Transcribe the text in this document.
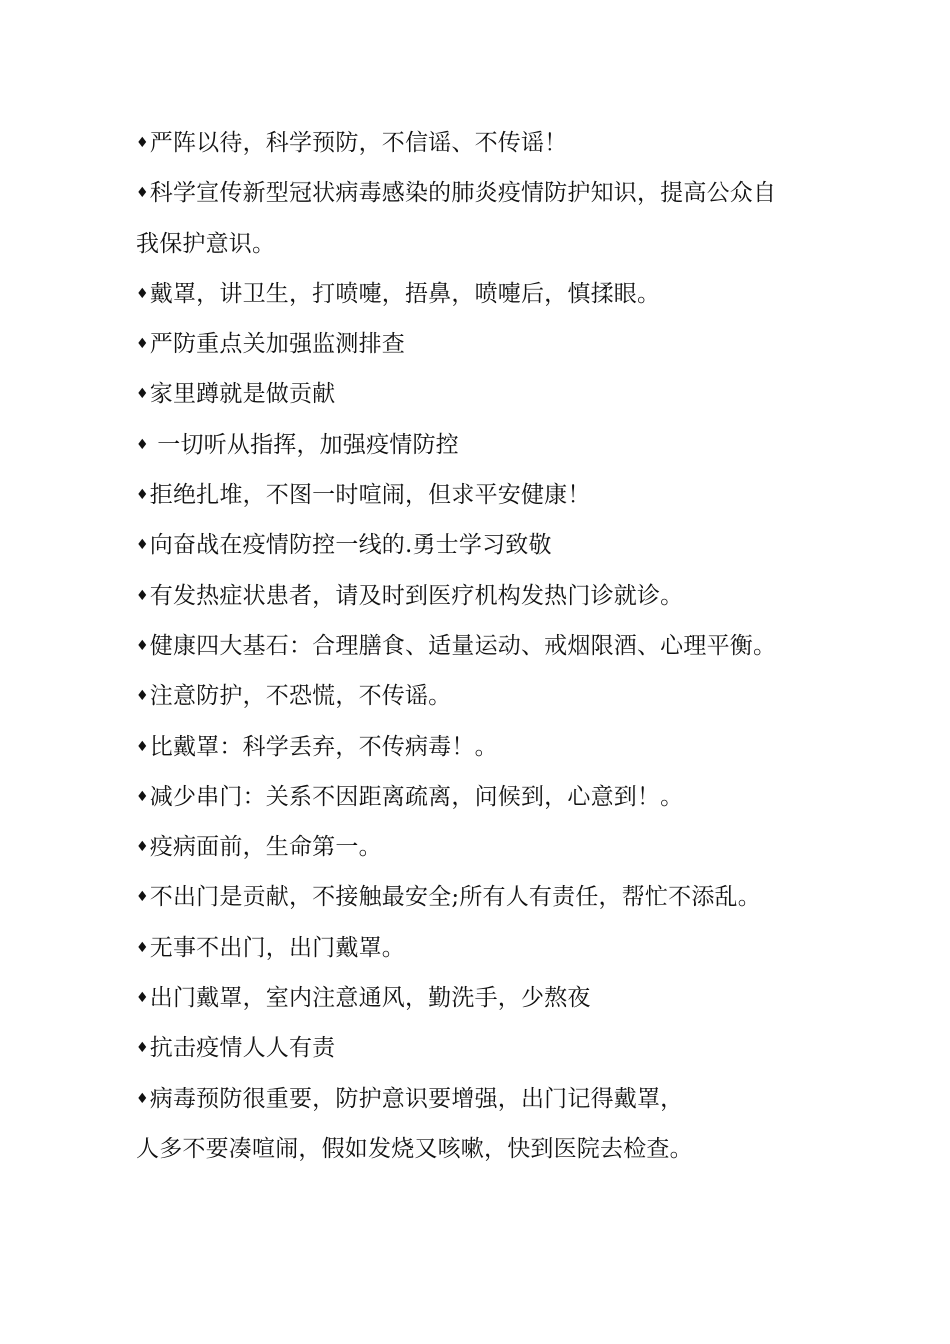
♦严阵以待，科学预防，不信谣、不传谣！
♦科学宣传新型冠状病毒感染的肺炎疫情防护知识，提高公众自
我保护意识。
♦戴罩，讲卫生，打喷嚏，捂鼻，喷嚏后，慎揉眼。
♦严防重点关加强监测排查
♦家里蹲就是做贡献
♦ 一切听从指挥，加强疫情防控
♦拒绝扎堆，不图一时喧闹，但求平安健康！
♦向奋战在疫情防控一线的.勇士学习致敬
♦有发热症状患者，请及时到医疗机构发热门诊就诊。
♦健康四大基石：合理膳食、适量运动、戒烟限酒、心理平衡。
♦注意防护，不恐慌，不传谣。
♦比戴罩：科学丢弃，不传病毒！。
♦减少串门：关系不因距离疏离，问候到，心意到！。
♦疫病面前，生命第一。
♦不出门是贡献，不接触最安全;所有人有责任，帮忙不添乱。
♦无事不出门，出门戴罩。
♦出门戴罩，室内注意通风，勤洗手，少熬夜
♦抗击疫情人人有责
♦病毒预防很重要，防护意识要增强，出门记得戴罩，
人多不要凑喧闹，假如发烧又咳嗽，快到医院去检查。
